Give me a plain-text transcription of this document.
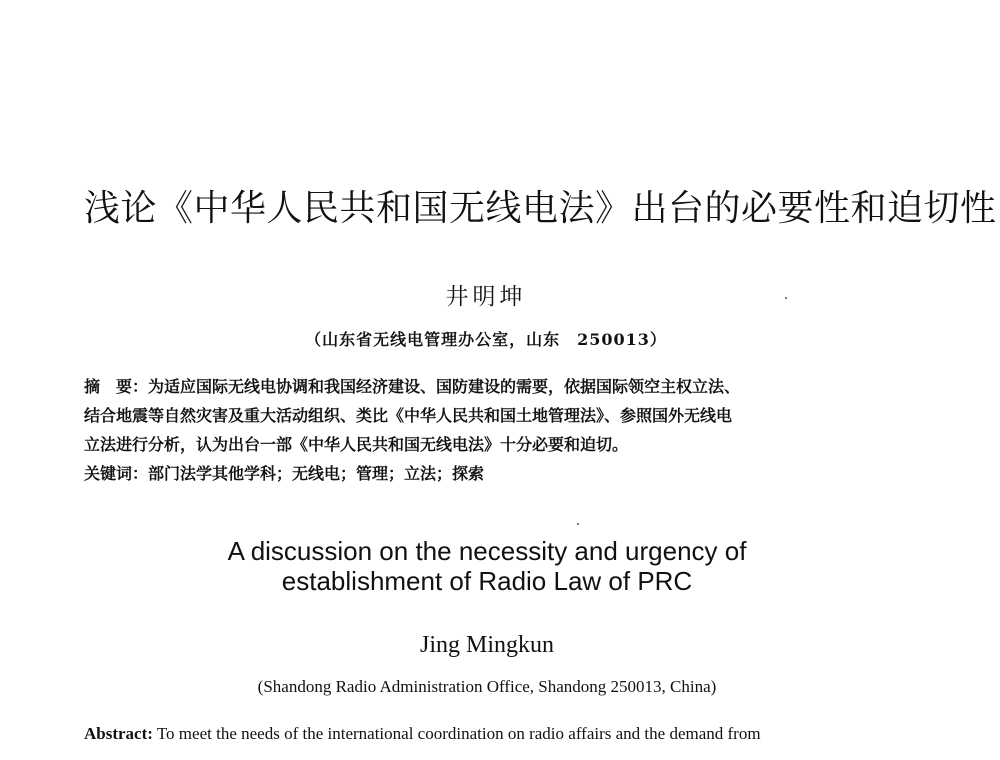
浅论《中华人民共和国无线电法》出台的必要性和迫切性
井明坤
（山东省无线电管理办公室，山东　250013）
摘　要：为适应国际无线电协调和我国经济建设、国防建设的需要，依据国际领空主权立法、
结合地震等自然灾害及重大活动组织、类比《中华人民共和国土地管理法》、参照国外无线电
立法进行分析，认为出台一部《中华人民共和国无线电法》十分必要和迫切。
关键词：部门法学其他学科；无线电；管理；立法；探索
A discussion on the necessity and urgency of
establishment of Radio Law of PRC
Jing Mingkun
(Shandong Radio Administration Office, Shandong 250013, China)
Abstract: To meet the needs of the international coordination on radio affairs and the demand from
